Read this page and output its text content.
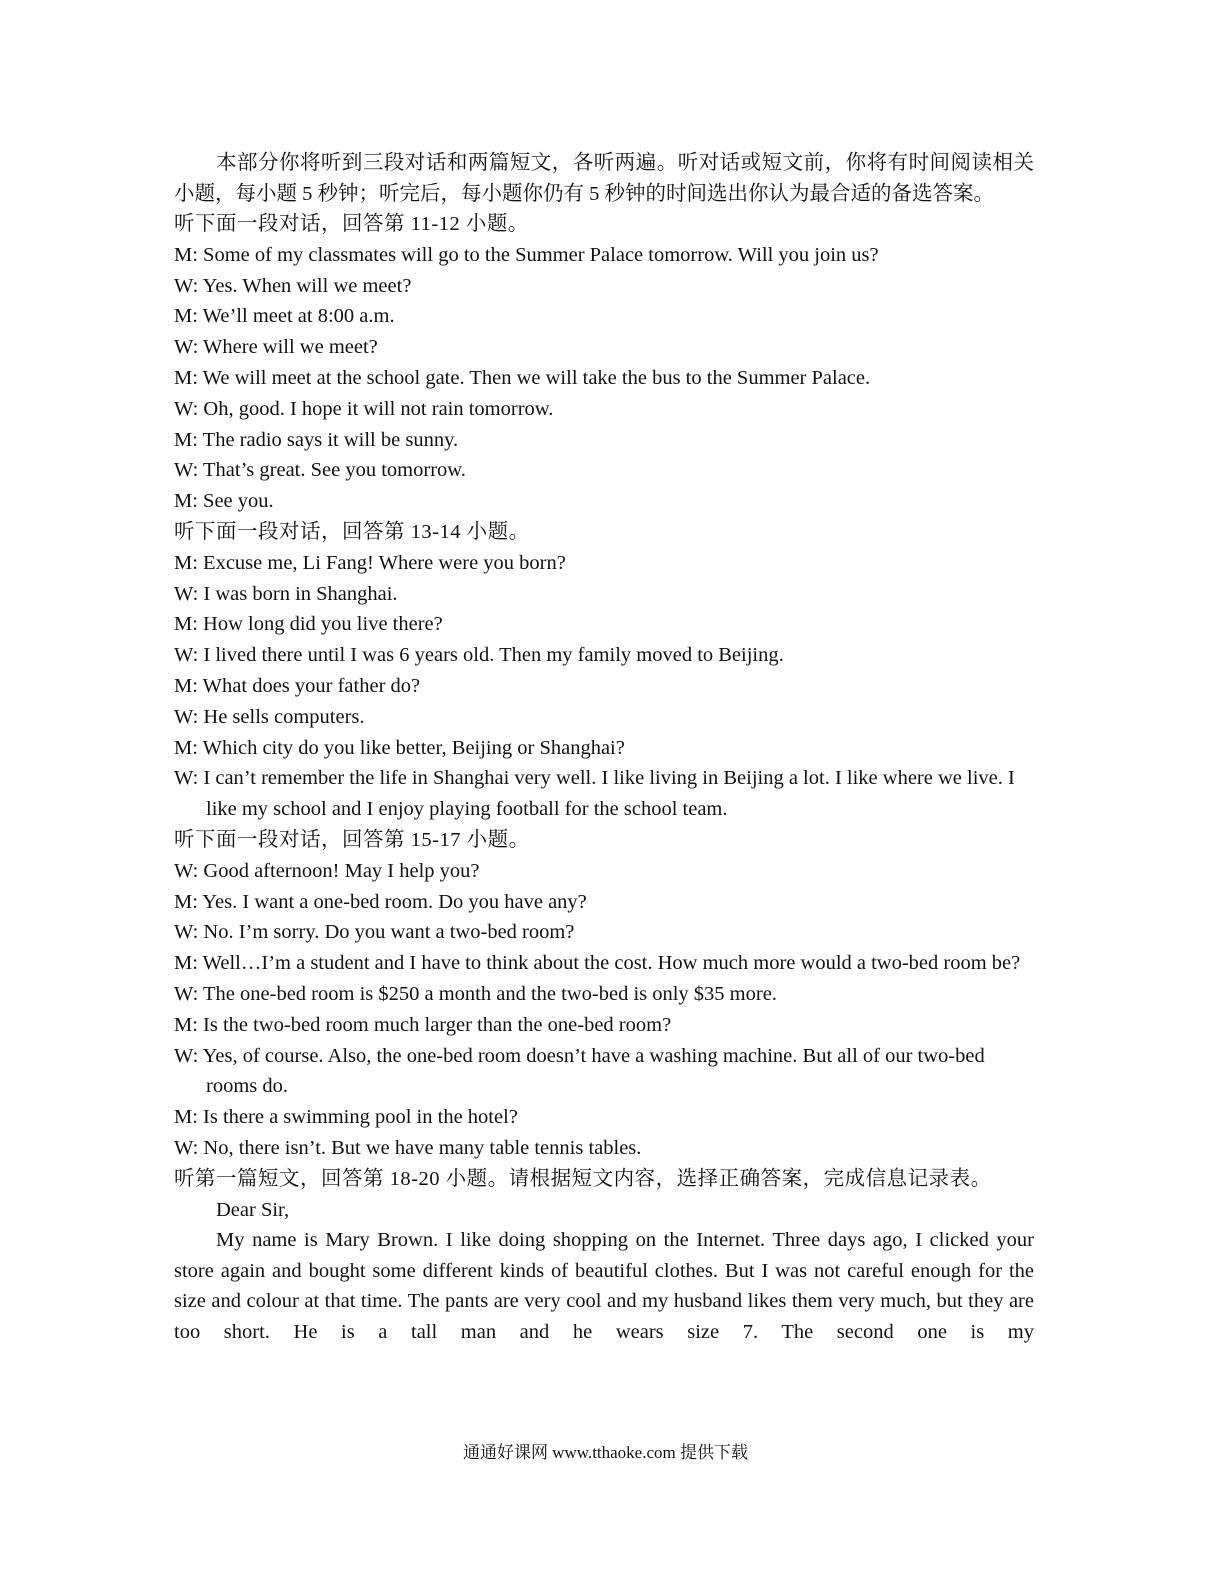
本部分你将听到三段对话和两篇短文，各听两遍。听对话或短文前，你将有时间阅读相关小题，每小题 5 秒钟；听完后，每小题你仍有 5 秒钟的时间选出你认为最合适的备选答案。

听下面一段对话，回答第 11-12 小题。

M: Some of my classmates will go to the Summer Palace tomorrow. Will you join us?

W: Yes. When will we meet?

M: We’ll meet at 8:00 a.m.

W: Where will we meet?

M: We will meet at the school gate. Then we will take the bus to the Summer Palace.

W: Oh, good. I hope it will not rain tomorrow.

M: The radio says it will be sunny.

W: That’s great. See you tomorrow.

M: See you.

听下面一段对话，回答第 13-14 小题。

M: Excuse me, Li Fang! Where were you born?

W: I was born in Shanghai.

M: How long did you live there?

W: I lived there until I was 6 years old. Then my family moved to Beijing.

M: What does your father do?

W: He sells computers.

M: Which city do you like better, Beijing or Shanghai?

W: I can’t remember the life in Shanghai very well. I like living in Beijing a lot. I like where we live. I like my school and I enjoy playing football for the school team.

听下面一段对话，回答第 15-17 小题。

W: Good afternoon! May I help you?

M: Yes. I want a one-bed room. Do you have any?

W: No. I’m sorry. Do you want a two-bed room?

M: Well…I’m a student and I have to think about the cost. How much more would a two-bed room be?

W: The one-bed room is $250 a month and the two-bed is only $35 more.

M: Is the two-bed room much larger than the one-bed room?

W: Yes, of course. Also, the one-bed room doesn’t have a washing machine. But all of our two-bed rooms do.

M: Is there a swimming pool in the hotel?

W: No, there isn’t. But we have many table tennis tables.

听第一篇短文，回答第 18-20 小题。请根据短文内容，选择正确答案，完成信息记录表。

Dear Sir,

My name is Mary Brown. I like doing shopping on the Internet. Three days ago, I clicked your store again and bought some different kinds of beautiful clothes. But I was not careful enough for the size and colour at that time. The pants are very cool and my husband likes them very much, but they are too short. He is a tall man and he wears size 7. The second one is my

通通好课网 www.tthaoke.com 提供下载
